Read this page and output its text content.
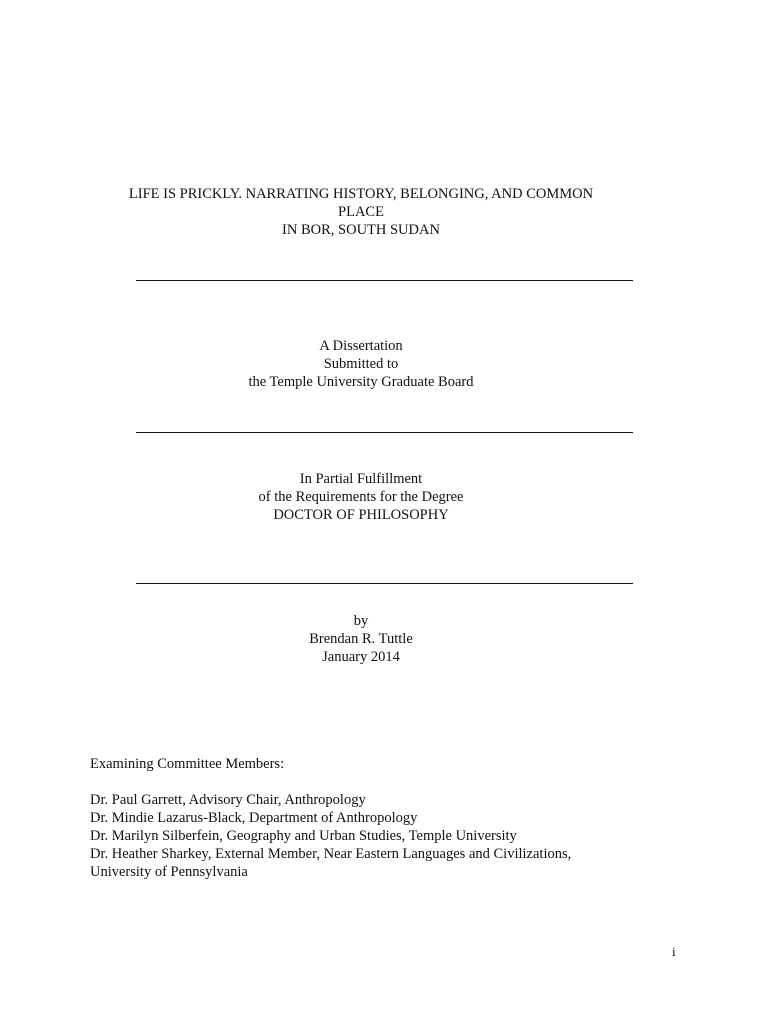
LIFE IS PRICKLY. NARRATING HISTORY, BELONGING, AND COMMON
PLACE
IN BOR, SOUTH SUDAN
A Dissertation
Submitted to
the Temple University Graduate Board
In Partial Fulfillment
of the Requirements for the Degree
DOCTOR OF PHILOSOPHY
by
Brendan R. Tuttle
January 2014
Examining Committee Members:
Dr. Paul Garrett, Advisory Chair, Anthropology
Dr. Mindie Lazarus-Black, Department of Anthropology
Dr. Marilyn Silberfein, Geography and Urban Studies, Temple University
Dr. Heather Sharkey, External Member, Near Eastern Languages and Civilizations,
University of Pennsylvania
i
